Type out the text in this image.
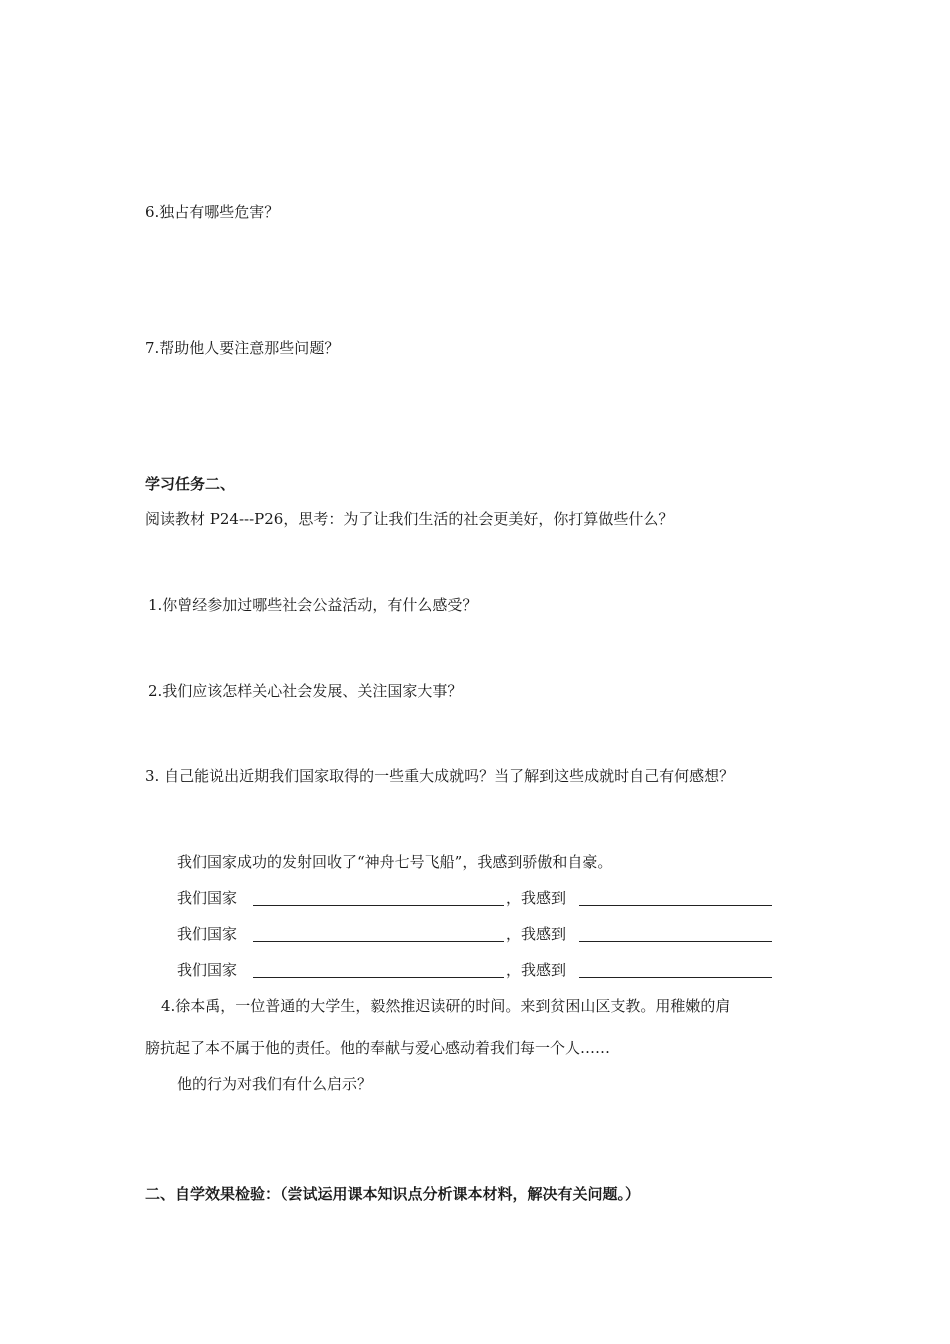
6.独占有哪些危害？
7.帮助他人要注意那些问题？
学习任务二、
阅读教材 P24---P26，思考：为了让我们生活的社会更美好，你打算做些什么？
1.你曾经参加过哪些社会公益活动，有什么感受？
2.我们应该怎样关心社会发展、关注国家大事？
3. 自己能说出近期我们国家取得的一些重大成就吗？当了解到这些成就时自己有何感想？
我们国家成功的发射回收了“神舟七号飞船”，我感到骄傲和自豪。
我们国家	，我感到
我们国家	，我感到
我们国家	，我感到
4.徐本禹，一位普通的大学生，毅然推迟读研的时间。来到贫困山区支教。用稚嫩的肩
膀抗起了本不属于他的责任。他的奉献与爱心感动着我们每一个人……
他的行为对我们有什么启示？
二、自学效果检验：（尝试运用课本知识点分析课本材料，解决有关问题。）
